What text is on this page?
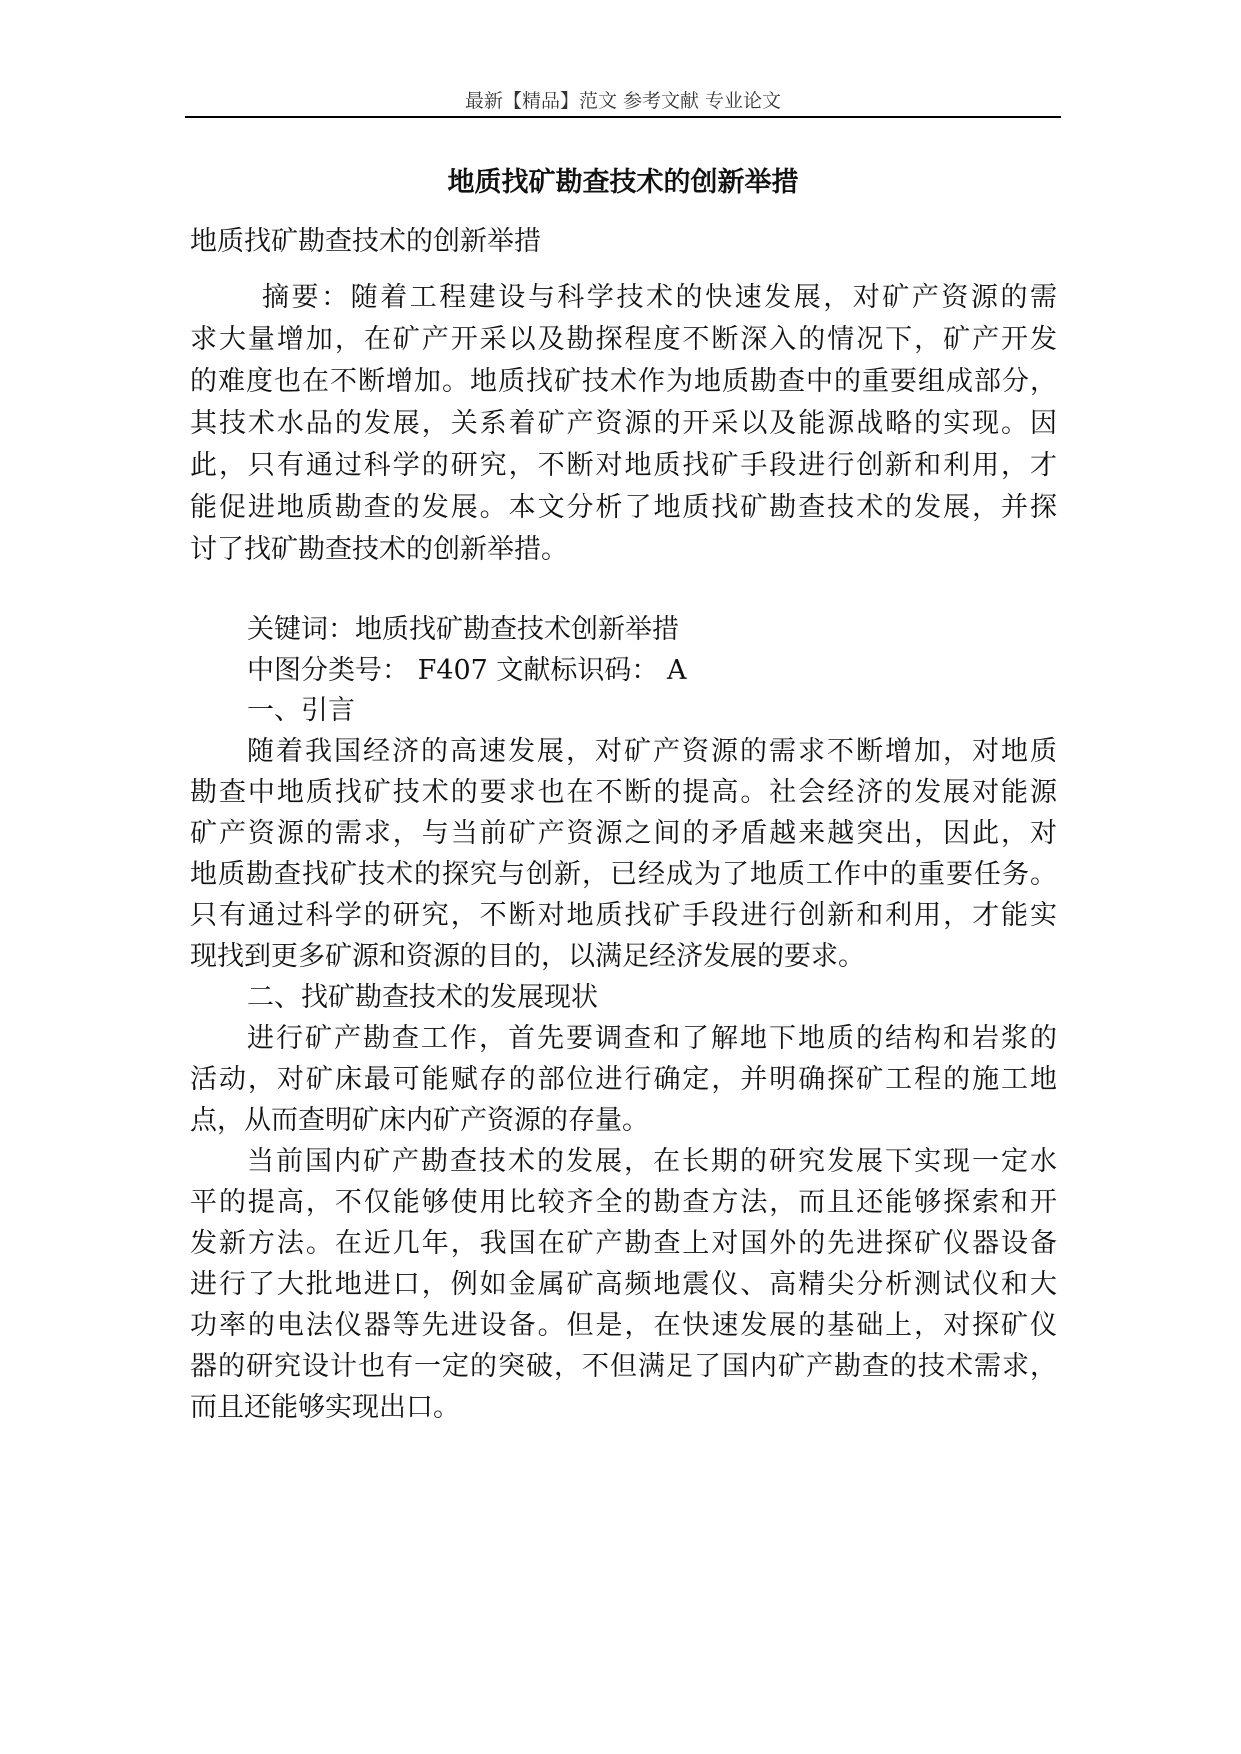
最新【精品】范文 参考文献 专业论文
地质找矿勘查技术的创新举措
地质找矿勘查技术的创新举措
摘要：随着工程建设与科学技术的快速发展，对矿产资源的需
求大量增加，在矿产开采以及勘探程度不断深入的情况下，矿产开发
的难度也在不断增加。地质找矿技术作为地质勘查中的重要组成部分，
其技术水品的发展，关系着矿产资源的开采以及能源战略的实现。因
此，只有通过科学的研究，不断对地质找矿手段进行创新和利用，才
能促进地质勘查的发展。本文分析了地质找矿勘查技术的发展，并探
讨了找矿勘查技术的创新举措。
关键词：地质找矿勘查技术创新举措
中图分类号： F407 文献标识码： A
一、引言
随着我国经济的高速发展，对矿产资源的需求不断增加，对地质
勘查中地质找矿技术的要求也在不断的提高。社会经济的发展对能源
矿产资源的需求，与当前矿产资源之间的矛盾越来越突出，因此，对
地质勘查找矿技术的探究与创新，已经成为了地质工作中的重要任务。
只有通过科学的研究，不断对地质找矿手段进行创新和利用，才能实
现找到更多矿源和资源的目的，以满足经济发展的要求。
二、找矿勘查技术的发展现状
进行矿产勘查工作，首先要调查和了解地下地质的结构和岩浆的
活动，对矿床最可能赋存的部位进行确定，并明确探矿工程的施工地
点，从而查明矿床内矿产资源的存量。
当前国内矿产勘查技术的发展，在长期的研究发展下实现一定水
平的提高，不仅能够使用比较齐全的勘查方法，而且还能够探索和开
发新方法。在近几年，我国在矿产勘查上对国外的先进探矿仪器设备
进行了大批地进口，例如金属矿高频地震仪、高精尖分析测试仪和大
功率的电法仪器等先进设备。但是，在快速发展的基础上，对探矿仪
器的研究设计也有一定的突破，不但满足了国内矿产勘查的技术需求，
而且还能够实现出口。
